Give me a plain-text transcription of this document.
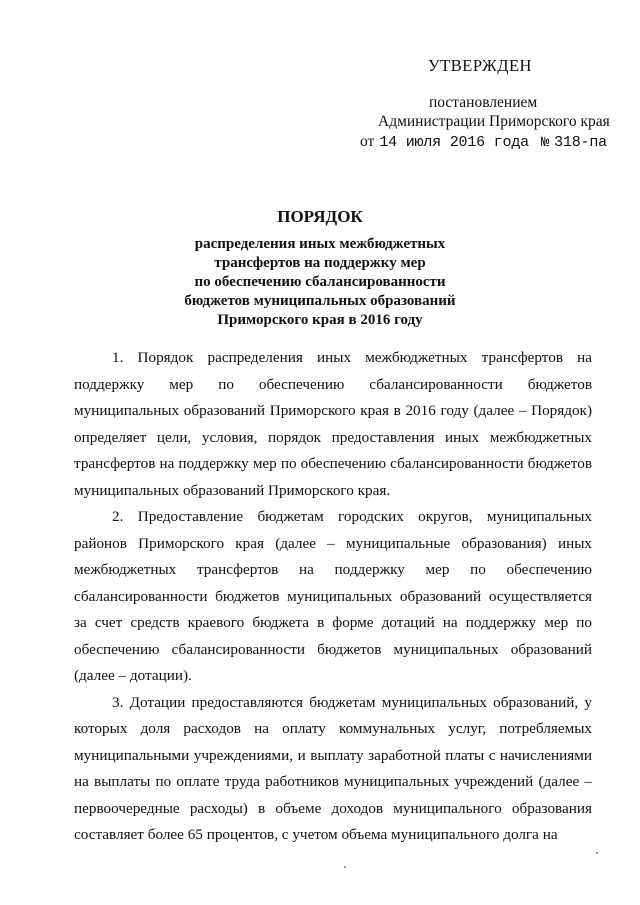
УТВЕРЖДЕН
постановлением
Администрации Приморского края
от 14 июля 2016 года № 318-па
ПОРЯДОК
распределения иных межбюджетных
трансфертов на поддержку мер
по обеспечению сбалансированности
бюджетов муниципальных образований
Приморского края в 2016 году

1. Порядок распределения иных межбюджетных трансфертов на поддержку мер по обеспечению сбалансированности бюджетов муниципальных образований Приморского края в 2016 году (далее – Порядок) определяет цели, условия, порядок предоставления иных межбюджетных трансфертов на поддержку мер по обеспечению сбалансированности бюджетов муниципальных образований Приморского края.

2. Предоставление бюджетам городских округов, муниципальных районов Приморского края (далее – муниципальные образования) иных межбюджетных трансфертов на поддержку мер по обеспечению сбалансированности бюджетов муниципальных образований осуществляется за счет средств краевого бюджета в форме дотаций на поддержку мер по обеспечению сбалансированности бюджетов муниципальных образований (далее – дотации).

3. Дотации предоставляются бюджетам муниципальных образований, у которых доля расходов на оплату коммунальных услуг, потребляемых муниципальными учреждениями, и выплату заработной платы с начислениями на выплаты по оплате труда работников муниципальных учреждений (далее – первоочередные расходы) в объеме доходов муниципального образования составляет более 65 процентов, с учетом объема муниципального долга на
